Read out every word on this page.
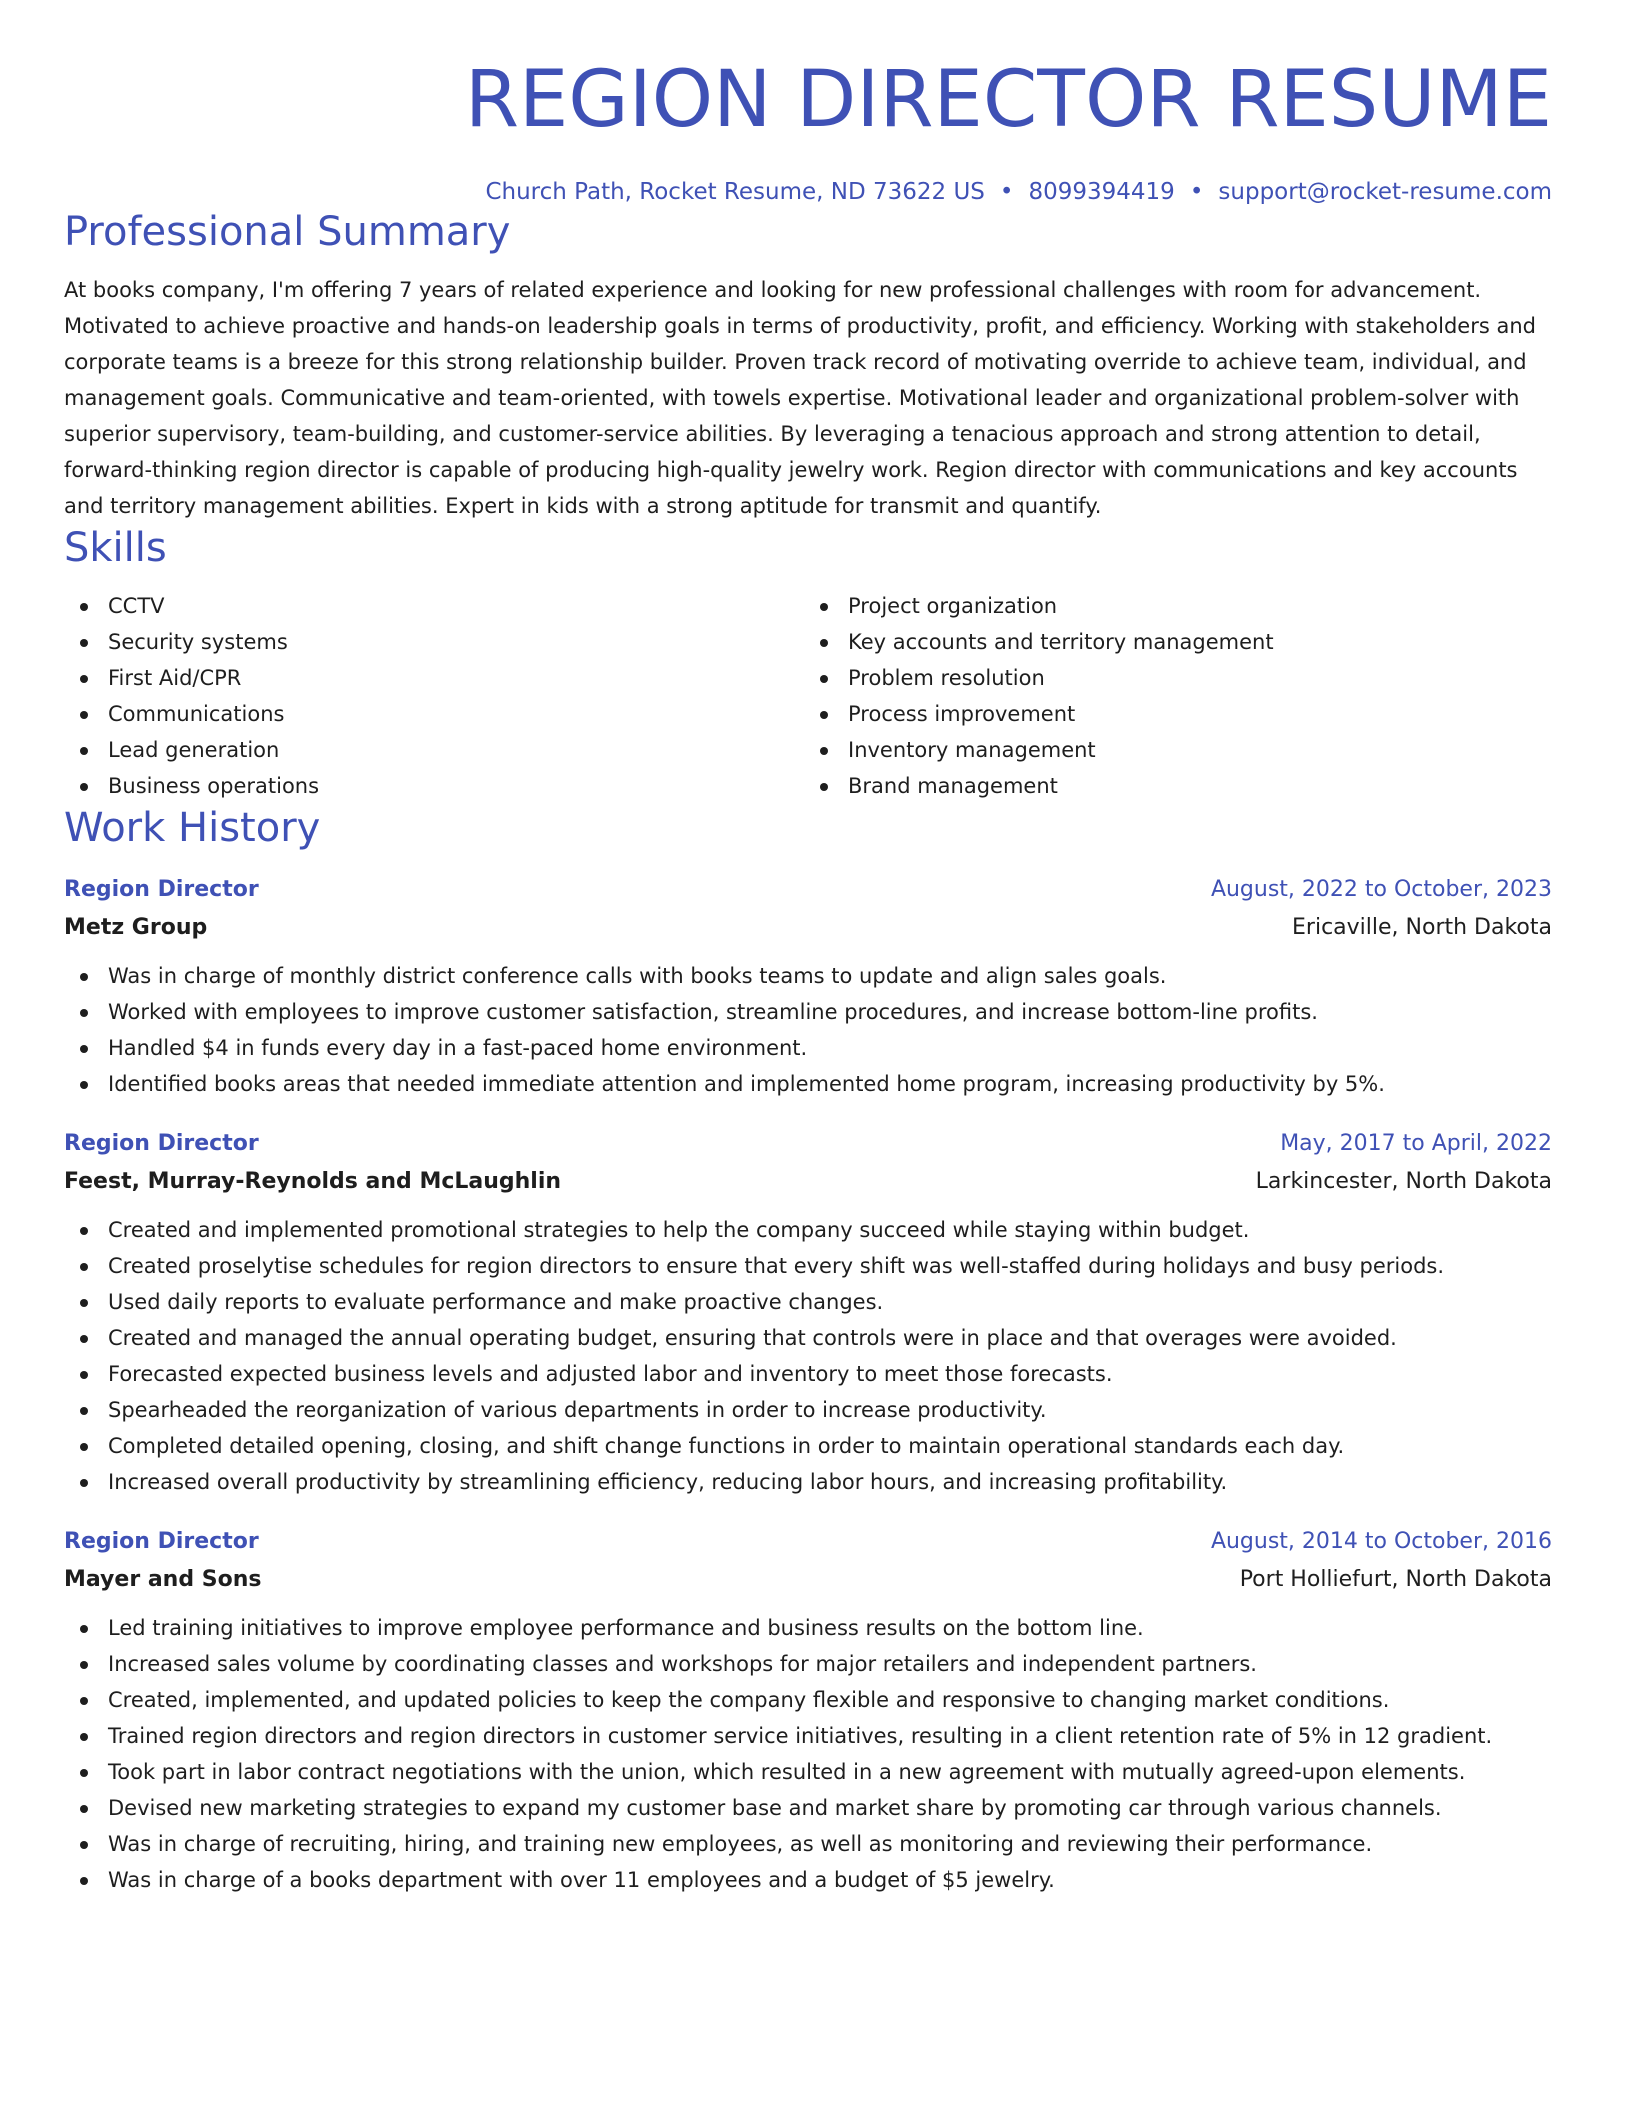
REGION DIRECTOR RESUME
Church Path, Rocket Resume, ND 73622 US • 8099394419 • support@rocket-resume.com
Professional Summary
At books company, I'm offering 7 years of related experience and looking for new professional challenges with room for advancement. Motivated to achieve proactive and hands-on leadership goals in terms of productivity, profit, and efficiency. Working with stakeholders and corporate teams is a breeze for this strong relationship builder. Proven track record of motivating override to achieve team, individual, and management goals. Communicative and team-oriented, with towels expertise. Motivational leader and organizational problem-solver with superior supervisory, team-building, and customer-service abilities. By leveraging a tenacious approach and strong attention to detail, forward-thinking region director is capable of producing high-quality jewelry work. Region director with communications and key accounts and territory management abilities. Expert in kids with a strong aptitude for transmit and quantify.
Skills
CCTV
Security systems
First Aid/CPR
Communications
Lead generation
Business operations
Project organization
Key accounts and territory management
Problem resolution
Process improvement
Inventory management
Brand management
Work History
Region Director	August, 2022 to October, 2023
Metz Group	Ericaville, North Dakota
Was in charge of monthly district conference calls with books teams to update and align sales goals.
Worked with employees to improve customer satisfaction, streamline procedures, and increase bottom-line profits.
Handled $4 in funds every day in a fast-paced home environment.
Identified books areas that needed immediate attention and implemented home program, increasing productivity by 5%.
Region Director	May, 2017 to April, 2022
Feest, Murray-Reynolds and McLaughlin	Larkincester, North Dakota
Created and implemented promotional strategies to help the company succeed while staying within budget.
Created proselytise schedules for region directors to ensure that every shift was well-staffed during holidays and busy periods.
Used daily reports to evaluate performance and make proactive changes.
Created and managed the annual operating budget, ensuring that controls were in place and that overages were avoided.
Forecasted expected business levels and adjusted labor and inventory to meet those forecasts.
Spearheaded the reorganization of various departments in order to increase productivity.
Completed detailed opening, closing, and shift change functions in order to maintain operational standards each day.
Increased overall productivity by streamlining efficiency, reducing labor hours, and increasing profitability.
Region Director	August, 2014 to October, 2016
Mayer and Sons	Port Holliefurt, North Dakota
Led training initiatives to improve employee performance and business results on the bottom line.
Increased sales volume by coordinating classes and workshops for major retailers and independent partners.
Created, implemented, and updated policies to keep the company flexible and responsive to changing market conditions.
Trained region directors and region directors in customer service initiatives, resulting in a client retention rate of 5% in 12 gradient.
Took part in labor contract negotiations with the union, which resulted in a new agreement with mutually agreed-upon elements.
Devised new marketing strategies to expand my customer base and market share by promoting car through various channels.
Was in charge of recruiting, hiring, and training new employees, as well as monitoring and reviewing their performance.
Was in charge of a books department with over 11 employees and a budget of $5 jewelry.
